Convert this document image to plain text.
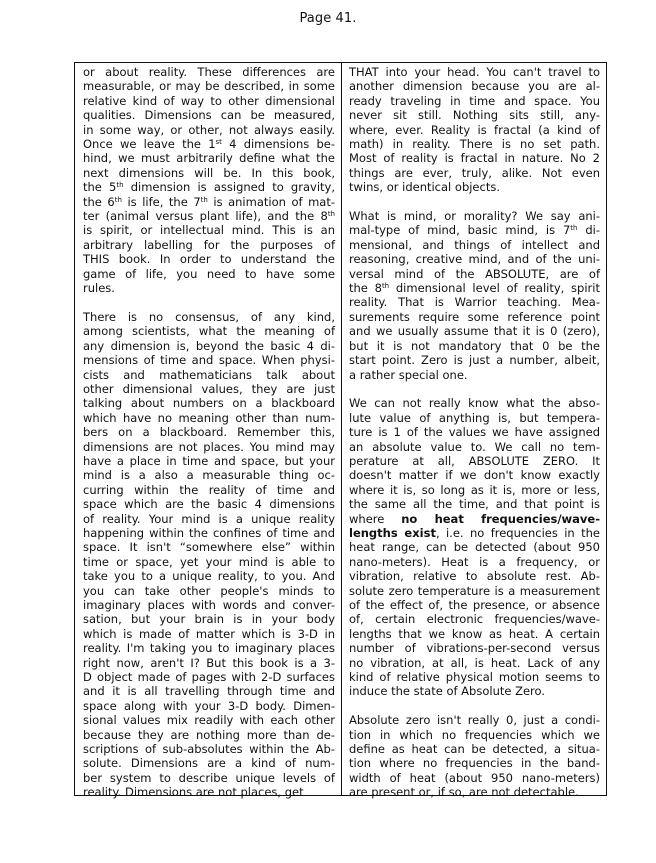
Page 41.
or about reality. These differences are
measurable, or may be described, in some
relative kind of way to other dimensional
qualities. Dimensions can be measured,
in some way, or other, not always easily.
Once we leave the 1st 4 dimensions be-
hind, we must arbitrarily define what the
next dimensions will be. In this book,
the 5th dimension is assigned to gravity,
the 6th is life, the 7th is animation of mat-
ter (animal versus plant life), and the 8th
is spirit, or intellectual mind. This is an
arbitrary labelling for the purposes of
THIS book. In order to understand the
game of life, you need to have some
rules.
There is no consensus, of any kind,
among scientists, what the meaning of
any dimension is, beyond the basic 4 di-
mensions of time and space. When physi-
cists and mathematicians talk about
other dimensional values, they are just
talking about numbers on a blackboard
which have no meaning other than num-
bers on a blackboard. Remember this,
dimensions are not places. You mind may
have a place in time and space, but your
mind is a also a measurable thing oc-
curring within the reality of time and
space which are the basic 4 dimensions
of reality. Your mind is a unique reality
happening within the confines of time and
space. It isn't “somewhere else” within
time or space, yet your mind is able to
take you to a unique reality, to you. And
you can take other people's minds to
imaginary places with words and conver-
sation, but your brain is in your body
which is made of matter which is 3-D in
reality. I'm taking you to imaginary places
right now, aren't I? But this book is a 3-
D object made of pages with 2-D surfaces
and it is all travelling through time and
space along with your 3-D body. Dimen-
sional values mix readily with each other
because they are nothing more than de-
scriptions of sub-absolutes within the Ab-
solute. Dimensions are a kind of num-
ber system to describe unique levels of
reality. Dimensions are not places, get
THAT into your head. You can't travel to
another dimension because you are al-
ready traveling in time and space. You
never sit still. Nothing sits still, any-
where, ever. Reality is fractal (a kind of
math) in reality. There is no set path.
Most of reality is fractal in nature. No 2
things are ever, truly, alike. Not even
twins, or identical objects.
What is mind, or morality? We say ani-
mal-type of mind, basic mind, is 7th di-
mensional, and things of intellect and
reasoning, creative mind, and of the uni-
versal mind of the ABSOLUTE, are of
the 8th dimensional level of reality, spirit
reality. That is Warrior teaching. Mea-
surements require some reference point
and we usually assume that it is 0 (zero),
but it is not mandatory that 0 be the
start point. Zero is just a number, albeit,
a rather special one.
We can not really know what the abso-
lute value of anything is, but tempera-
ture is 1 of the values we have assigned
an absolute value to. We call no tem-
perature at all, ABSOLUTE ZERO. It
doesn't matter if we don't know exactly
where it is, so long as it is, more or less,
the same all the time, and that point is
where no heat frequencies/wave-
lengths exist, i.e. no frequencies in the
heat range, can be detected (about 950
nano-meters). Heat is a frequency, or
vibration, relative to absolute rest. Ab-
solute zero temperature is a measurement
of the effect of, the presence, or absence
of, certain electronic frequencies/wave-
lengths that we know as heat. A certain
number of vibrations-per-second versus
no vibration, at all, is heat. Lack of any
kind of relative physical motion seems to
induce the state of Absolute Zero.
Absolute zero isn't really 0, just a condi-
tion in which no frequencies which we
define as heat can be detected, a situa-
tion where no frequencies in the band-
width of heat (about 950 nano-meters)
are present or, if so, are not detectable.
